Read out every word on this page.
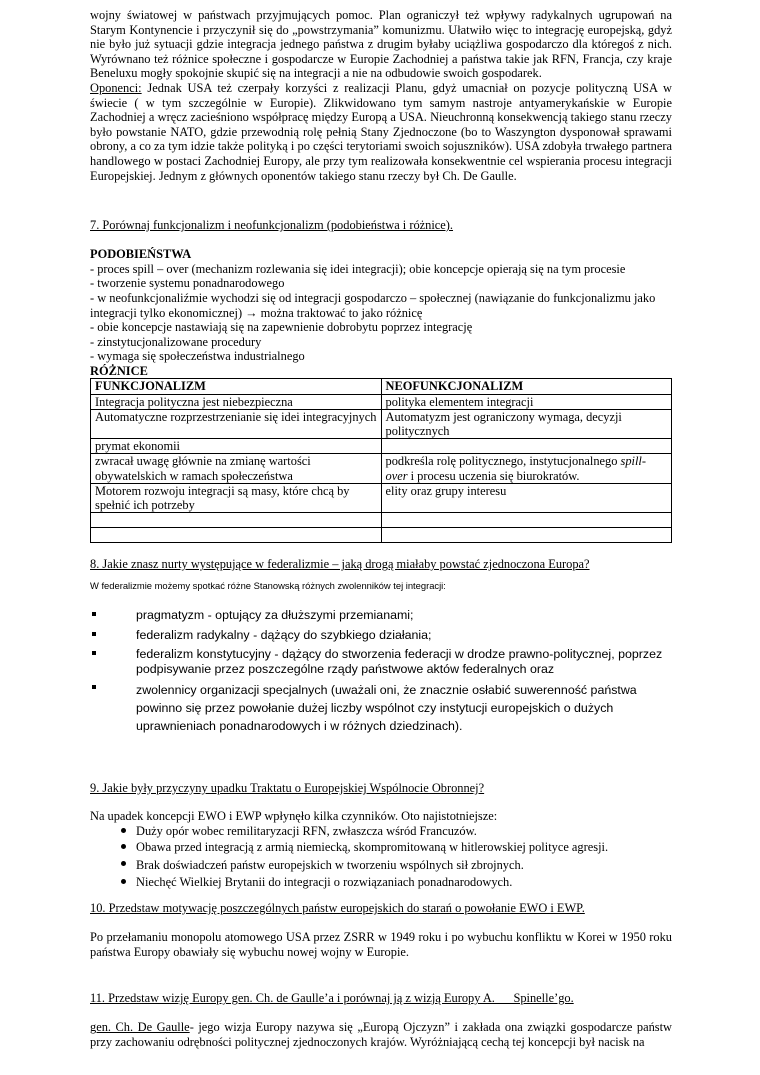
wojny światowej w państwach przyjmujących pomoc. Plan ograniczył też wpływy radykalnych ugrupowań na Starym Kontynencie i przyczynił się do „powstrzymania” komunizmu. Ułatwiło więc to integrację europejską, gdyż nie było już sytuacji gdzie integracja jednego państwa z drugim byłaby uciążliwa gospodarczo dla któregoś z nich. Wyrównano też różnice społeczne i gospodarcze w Europie Zachodniej a państwa takie jak RFN, Francja, czy kraje Beneluxu mogły spokojnie skupić się na integracji a nie na odbudowie swoich gospodarek.

Oponenci: Jednak USA też czerpały korzyści z realizacji Planu, gdyż umacniał on pozycje polityczną USA w świecie ( w tym szczególnie w Europie). Zlikwidowano tym samym nastroje antyamerykańskie w Europie Zachodniej a wręcz zacieśniono współpracę między Europą a USA. Nieuchronną konsekwencją takiego stanu rzeczy było powstanie NATO, gdzie przewodnią rolę pełnią Stany Zjednoczone (bo to Waszyngton dysponował sprawami obrony, a co za tym idzie także polityką i po części terytoriami swoich sojuszników). USA zdobyła trwałego partnera handlowego w postaci Zachodniej Europy, ale przy tym realizowała konsekwentnie cel wspierania procesu integracji Europejskiej. Jednym z głównych oponentów takiego stanu rzeczy był Ch. De Gaulle.

7. Porównaj funkcjonalizm i neofunkcjonalizm (podobieństwa i różnice).

PODOBIEŃSTWA

- proces spill – over (mechanizm rozlewania się idei integracji); obie koncepcje opierają się na tym procesie
- tworzenie systemu ponadnarodowego
- w neofunkcjonaliźmie wychodzi się od integracji gospodarczo – społecznej (nawiązanie do funkcjonalizmu jako integracji tylko ekonomicznej) → można traktować to jako różnicę
- obie koncepcje nastawiają się na zapewnienie dobrobytu poprzez integrację
- zinstytucjonalizowane procedury
- wymaga się społeczeństwa industrialnego

RÓŻNICE

FUNKCJONALIZM	NEOFUNKCJONALIZM
Integracja polityczna jest niebezpieczna	polityka elementem integracji
Automatyczne rozprzestrzenianie się idei integracyjnych	Automatyzm jest ograniczony wymaga, decyzji politycznych
prymat ekonomii	
zwracał uwagę głównie na zmianę wartości obywatelskich w ramach społeczeństwa	podkreśla rolę politycznego, instytucjonalnego spill-over i procesu uczenia się biurokratów.
Motorem rozwoju integracji są masy, które chcą by spełnić ich potrzeby	elity oraz grupy interesu

8. Jakie znasz nurty występujące w federalizmie – jaką drogą miałaby powstać zjednoczona Europa?

W federalizmie możemy spotkać różne Stanowską różnych zwolenników tej integracji:

pragmatyzm - optujący za dłuższymi przemianami;
federalizm radykalny - dążący do szybkiego działania;
federalizm konstytucyjny - dążący do stworzenia federacji w drodze prawno-politycznej, poprzez podpisywanie przez poszczególne rządy państwowe aktów federalnych oraz
zwolennicy organizacji specjalnych (uważali oni, że znacznie osłabić suwerenność państwa powinno się przez powołanie dużej liczby wspólnot czy instytucji europejskich o dużych uprawnieniach ponadnarodowych i w różnych dziedzinach).

9. Jakie były przyczyny upadku Traktatu o Europejskiej Wspólnocie Obronnej?

Na upadek koncepcji EWO i EWP wpłynęło kilka czynników. Oto najistotniejsze:

Duży opór wobec remilitaryzacji RFN, zwłaszcza wśród Francuzów.
Obawa przed integracją z armią niemiecką, skompromitowaną w hitlerowskiej polityce agresji.
Brak doświadczeń państw europejskich w tworzeniu wspólnych sił zbrojnych.
Niechęć Wielkiej Brytanii do integracji o rozwiązaniach ponadnarodowych.

10. Przedstaw motywację poszczególnych państw europejskich do starań o powołanie EWO i EWP.

Po przełamaniu monopolu atomowego USA przez ZSRR w 1949 roku i po wybuchu konfliktu w Korei w 1950 roku państwa Europy obawiały się wybuchu nowej wojny w Europie.

11. Przedstaw wizję Europy gen. Ch. de Gaulle’a i porównaj ją z wizją Europy A.      Spinelle’go.

gen. Ch. De Gaulle- jego wizja Europy nazywa się „Europą Ojczyzn” i zakłada ona związki gospodarcze państw przy zachowaniu odrębności politycznej zjednoczonych krajów. Wyróżniającą cechą tej koncepcji był nacisk na
